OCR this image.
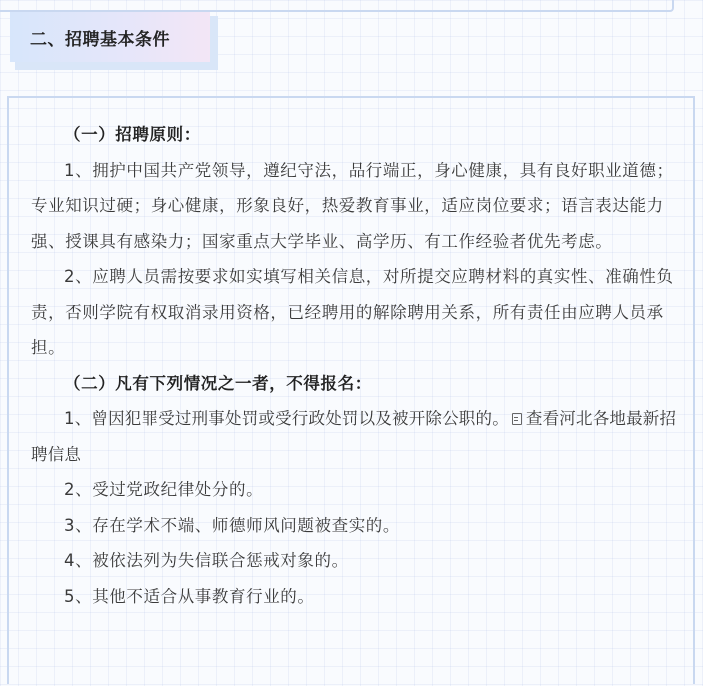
二、招聘基本条件

（一）招聘原则：

1、拥护中国共产党领导，遵纪守法，品行端正，身心健康，具有良好职业道德；专业知识过硬；身心健康，形象良好，热爱教育事业，适应岗位要求；语言表达能力强、授课具有感染力；国家重点大学毕业、高学历、有工作经验者优先考虑。

2、应聘人员需按要求如实填写相关信息，对所提交应聘材料的真实性、准确性负责，否则学院有权取消录用资格，已经聘用的解除聘用关系，所有责任由应聘人员承担。

（二）凡有下列情况之一者，不得报名：

1、曾因犯罪受过刑事处罚或受行政处罚以及被开除公职的。 查看河北各地最新招聘信息

2、受过党政纪律处分的。

3、存在学术不端、师德师风问题被查实的。

4、被依法列为失信联合惩戒对象的。

5、其他不适合从事教育行业的。
